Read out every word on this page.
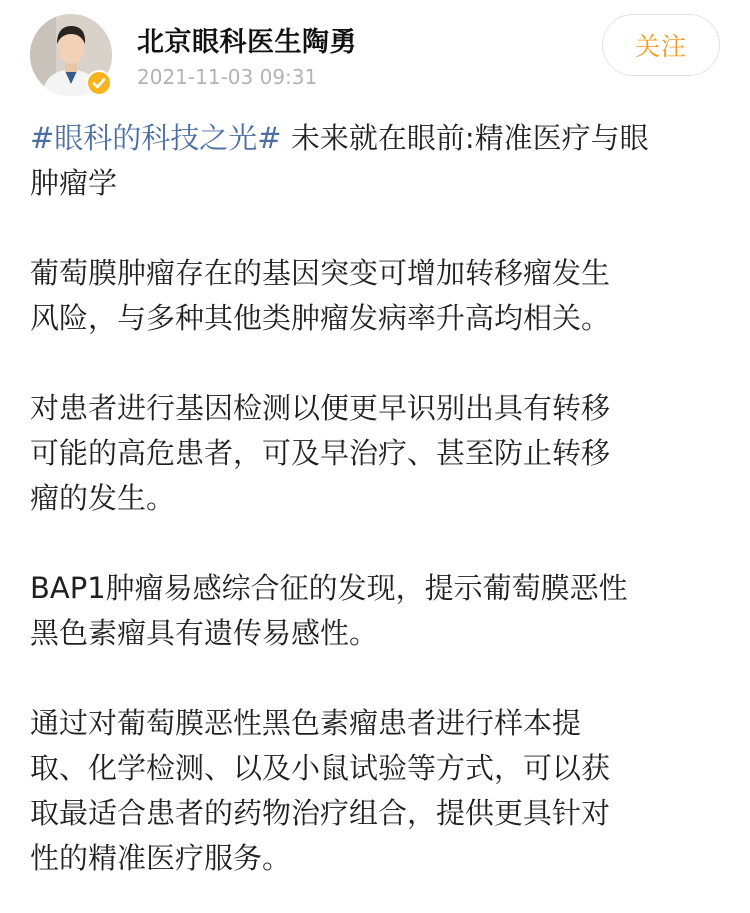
北京眼科医生陶勇
2021-11-03 09:31
关注

#眼科的科技之光# 未来就在眼前:精准医疗与眼
肿瘤学

葡萄膜肿瘤存在的基因突变可增加转移瘤发生
风险，与多种其他类肿瘤发病率升高均相关。

对患者进行基因检测以便更早识别出具有转移
可能的高危患者，可及早治疗、甚至防止转移
瘤的发生。

BAP1肿瘤易感综合征的发现，提示葡萄膜恶性
黑色素瘤具有遗传易感性。

通过对葡萄膜恶性黑色素瘤患者进行样本提
取、化学检测、以及小鼠试验等方式，可以获
取最适合患者的药物治疗组合，提供更具针对
性的精准医疗服务。
